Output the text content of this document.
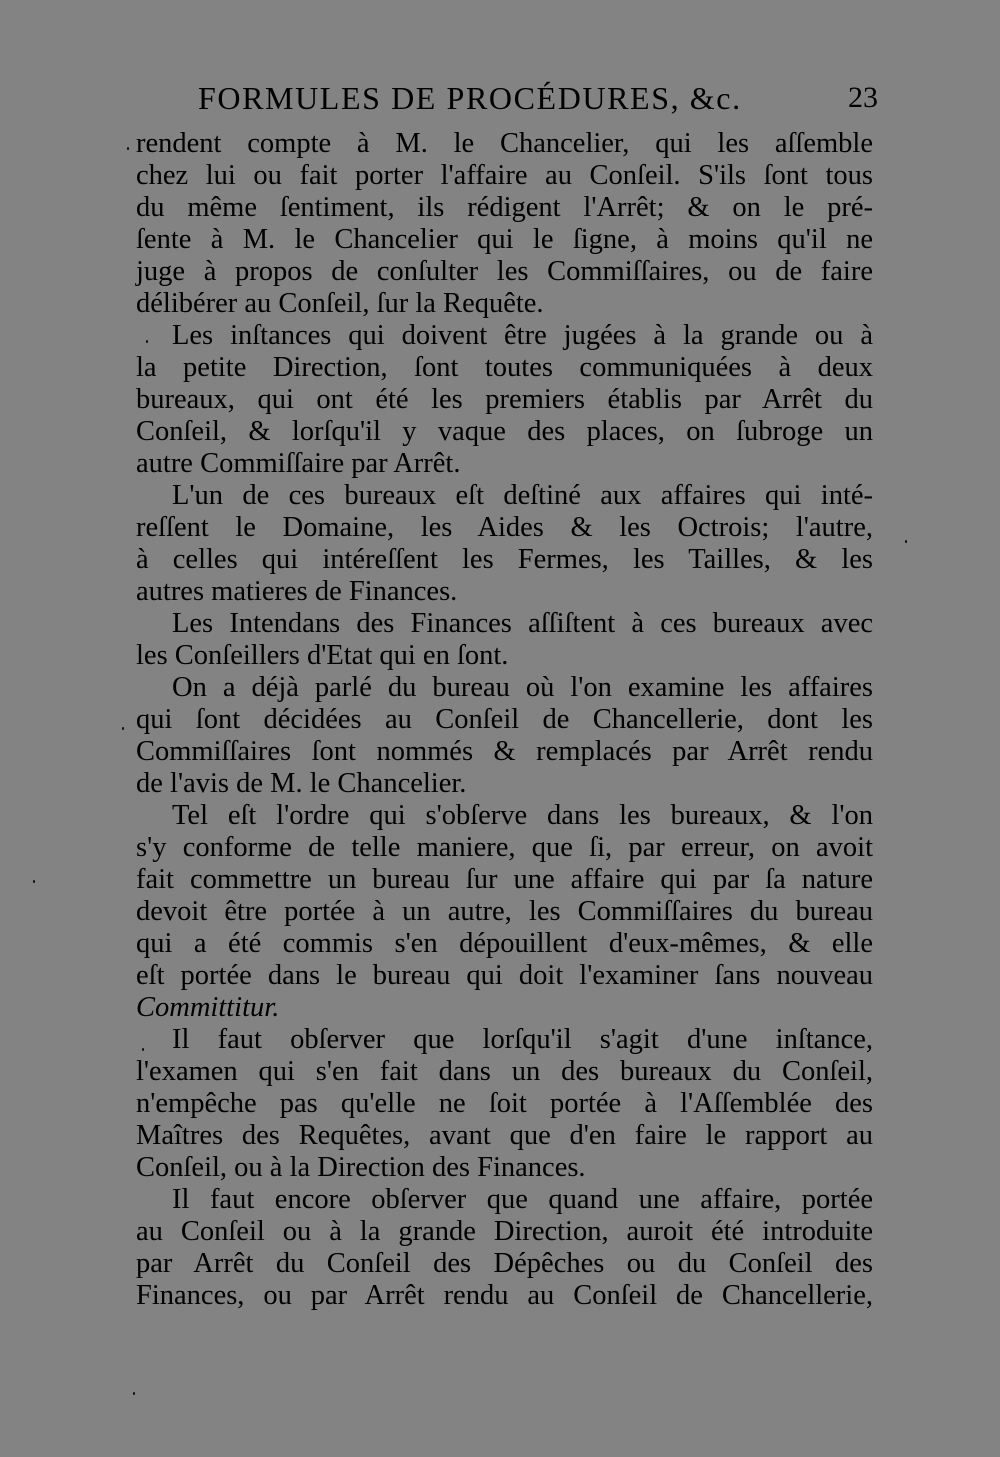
FORMULES DE PROCÉDURES, &c.	23
rendent compte à M. le Chancelier, qui les aſſemble
chez lui ou fait porter l'affaire au Conſeil. S'ils ſont tous
du même ſentiment, ils rédigent l'Arrêt; & on le pré-
ſente à M. le Chancelier qui le ſigne, à moins qu'il ne
juge à propos de conſulter les Commiſſaires, ou de faire
délibérer au Conſeil, ſur la Requête.
Les inſtances qui doivent être jugées à la grande ou à
la petite Direction, ſont toutes communiquées à deux
bureaux, qui ont été les premiers établis par Arrêt du
Conſeil, & lorſqu'il y vaque des places, on ſubroge un
autre Commiſſaire par Arrêt.
L'un de ces bureaux eſt deſtiné aux affaires qui inté-
reſſent le Domaine, les Aides & les Octrois; l'autre,
à celles qui intéreſſent les Fermes, les Tailles, & les
autres matieres de Finances.
Les Intendans des Finances aſſiſtent à ces bureaux avec
les Conſeillers d'Etat qui en ſont.
On a déjà parlé du bureau où l'on examine les affaires
qui ſont décidées au Conſeil de Chancellerie, dont les
Commiſſaires ſont nommés & remplacés par Arrêt rendu
de l'avis de M. le Chancelier.
Tel eſt l'ordre qui s'obſerve dans les bureaux, & l'on
s'y conforme de telle maniere, que ſi, par erreur, on avoit
fait commettre un bureau ſur une affaire qui par ſa nature
devoit être portée à un autre, les Commiſſaires du bureau
qui a été commis s'en dépouillent d'eux-mêmes, & elle
eſt portée dans le bureau qui doit l'examiner ſans nouveau
Committitur.
Il faut obſerver que lorſqu'il s'agit d'une inſtance,
l'examen qui s'en fait dans un des bureaux du Conſeil,
n'empêche pas qu'elle ne ſoit portée à l'Aſſemblée des
Maîtres des Requêtes, avant que d'en faire le rapport au
Conſeil, ou à la Direction des Finances.
Il faut encore obſerver que quand une affaire, portée
au Conſeil ou à la grande Direction, auroit été introduite
par Arrêt du Conſeil des Dépêches ou du Conſeil des
Finances, ou par Arrêt rendu au Conſeil de Chancellerie,
